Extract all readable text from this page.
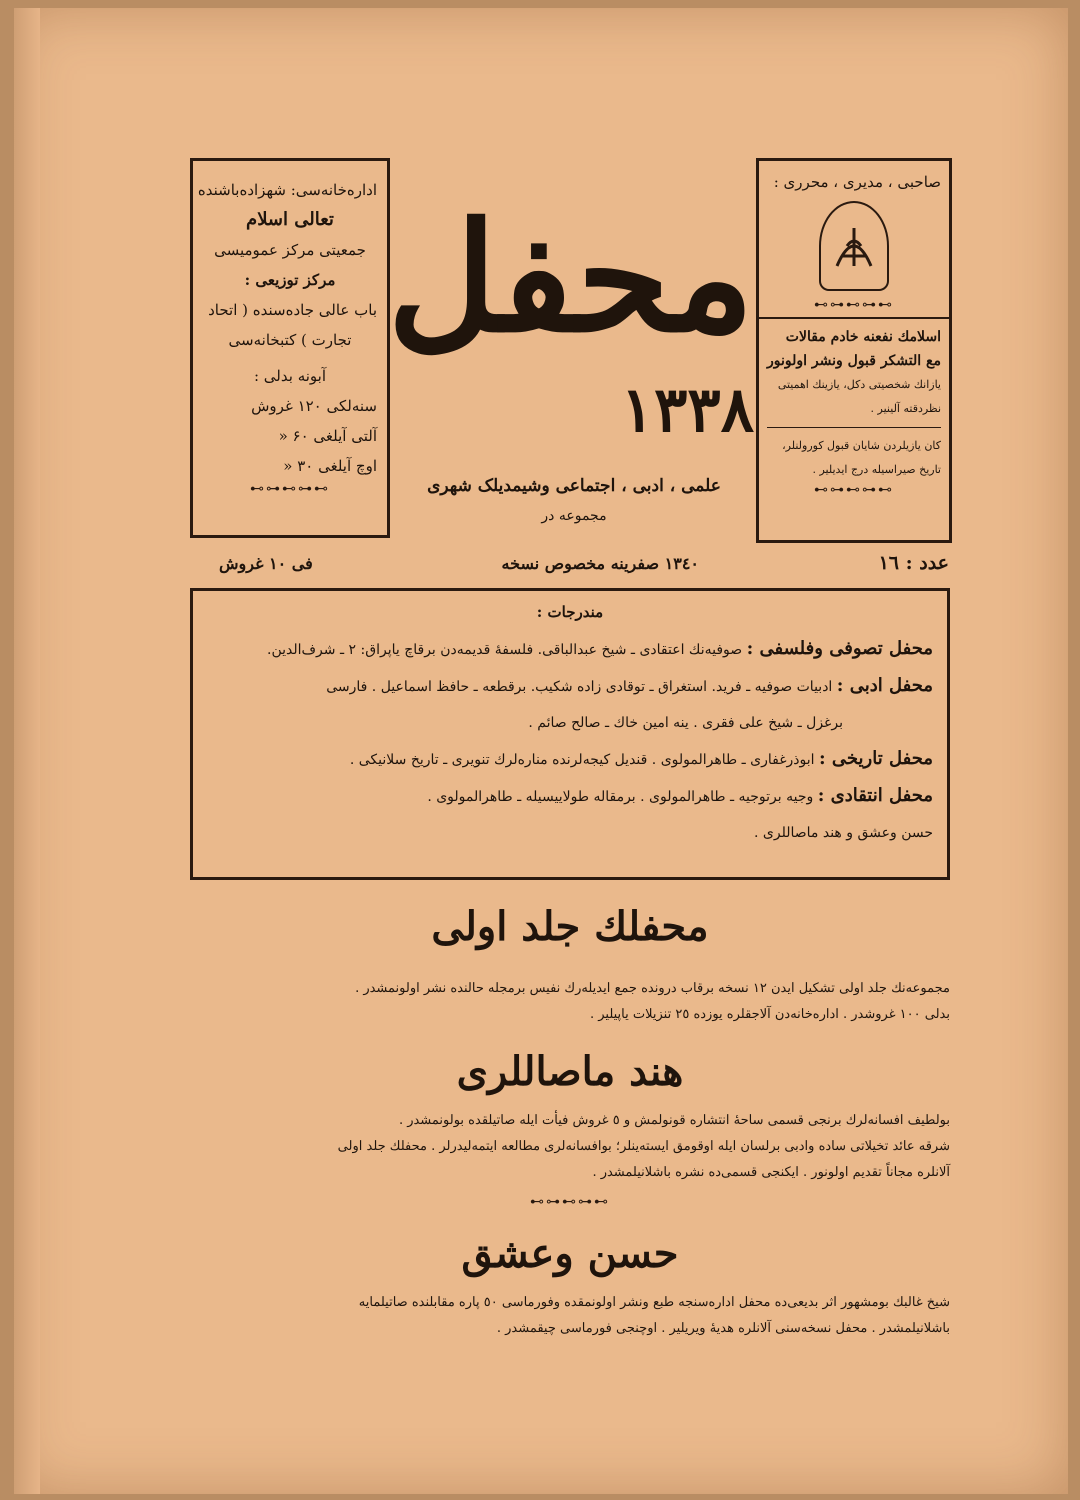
اداره‌خانه‌سی: شهزاده‌باشنده
تعالی اسلام
جمعیتی مرکز عمومیسی
مرکز توزیعی :
باب عالی جاده‌سنده ( اتحاد
تجارت ) کتبخانه‌سی
آبونه بدلی :
سنه‌لکی ۱۲۰ غروش
آلتی آیلغی ۶۰ «
اوچ آیلغی ۳۰ «
⊷⊶⊷⊶⊷
محفل
١٣٣٨
علمی ، ادبی ، اجتماعی وشیمدیلک شهری
مجموعه در
صاحبی ، مدیری ، محرری :
⊷⊶⊷⊶⊷
اسلامك نفعنه خادم مقالات
مع التشكر قبول ونشر اولونور
یازانك شخصیتی دکل، یازینك اهمیتی
نظردقته آلینیر .
کان یازیلردن شایان قبول کورولنلر،
تاریخ صیراسیله درج ایدیلیر .
⊷⊶⊷⊶⊷
عدد : ١٦
١٣٤٠ صفرینه مخصوص نسخه
فی ١٠ غروش
مندرجات :
محفل تصوفی وفلسفی : صوفیه‌نك اعتقادی ـ شیخ عبدالباقی. فلسفهٔ قدیمه‌دن برقاچ یاپراق: ٢ ـ شرف‌الدین.
محفل ادبی : ادبیات صوفیه ـ فرید. استغراق ـ توقادی زاده شکیب. برقطعه ـ حافظ اسماعیل . فارسی
برغزل ـ شیخ علی فقری . ینه امین خاك ـ صالح صائم .
محفل تاریخی : ابوذرغفاری ـ طاهرالمولوی . قندیل کیجه‌لرنده مناره‌لرك تنویری ـ تاریخ سلانیکی .
محفل انتقادی : وجیه برتوجیه ـ طاهرالمولوی . برمقاله طولاییسیله ـ طاهرالمولوی .
حسن وعشق و هند ماصاللری .
محفلك جلد اولی
مجموعه‌نك جلد اولی تشکیل ایدن ١٢ نسخه برقاب درونده جمع ایدیله‌رك نفیس برمجله حالنده نشر اولونمشدر .
بدلی ١٠٠ غروشدر . اداره‌خانه‌دن آلاجقلره یوزده ٢٥ تنزیلات یاپیلیر .
هند ماصاللری
بولطیف افسانه‌لرك برنجی قسمی ساحهٔ انتشاره قونولمش و ٥ غروش فیأت ایله صاتیلقده بولونمشدر .
شرقه عائد تخیلاتی ساده وادبی برلسان ایله اوقومق ایسته‌ینلر؛ بوافسانه‌لری مطالعه ایتمه‌لیدرلر . محفلك جلد اولی
آلانلره مجاناً تقدیم اولونور . ایکنجی قسمی‌ده نشره باشلانیلمشدر .
⊷⊶⊷⊶⊷
حسن وعشق
شیخ غالبك بومشهور اثر بدیعی‌ده محفل اداره‌سنجه طبع ونشر اولونمقده وفورماسی ٥٠ پاره مقابلنده صاتیلمایه
باشلانیلمشدر . محفل نسخه‌سنی آلانلره هدیهٔ ویریلیر . اوچنجی فورماسی چیقمشدر .
